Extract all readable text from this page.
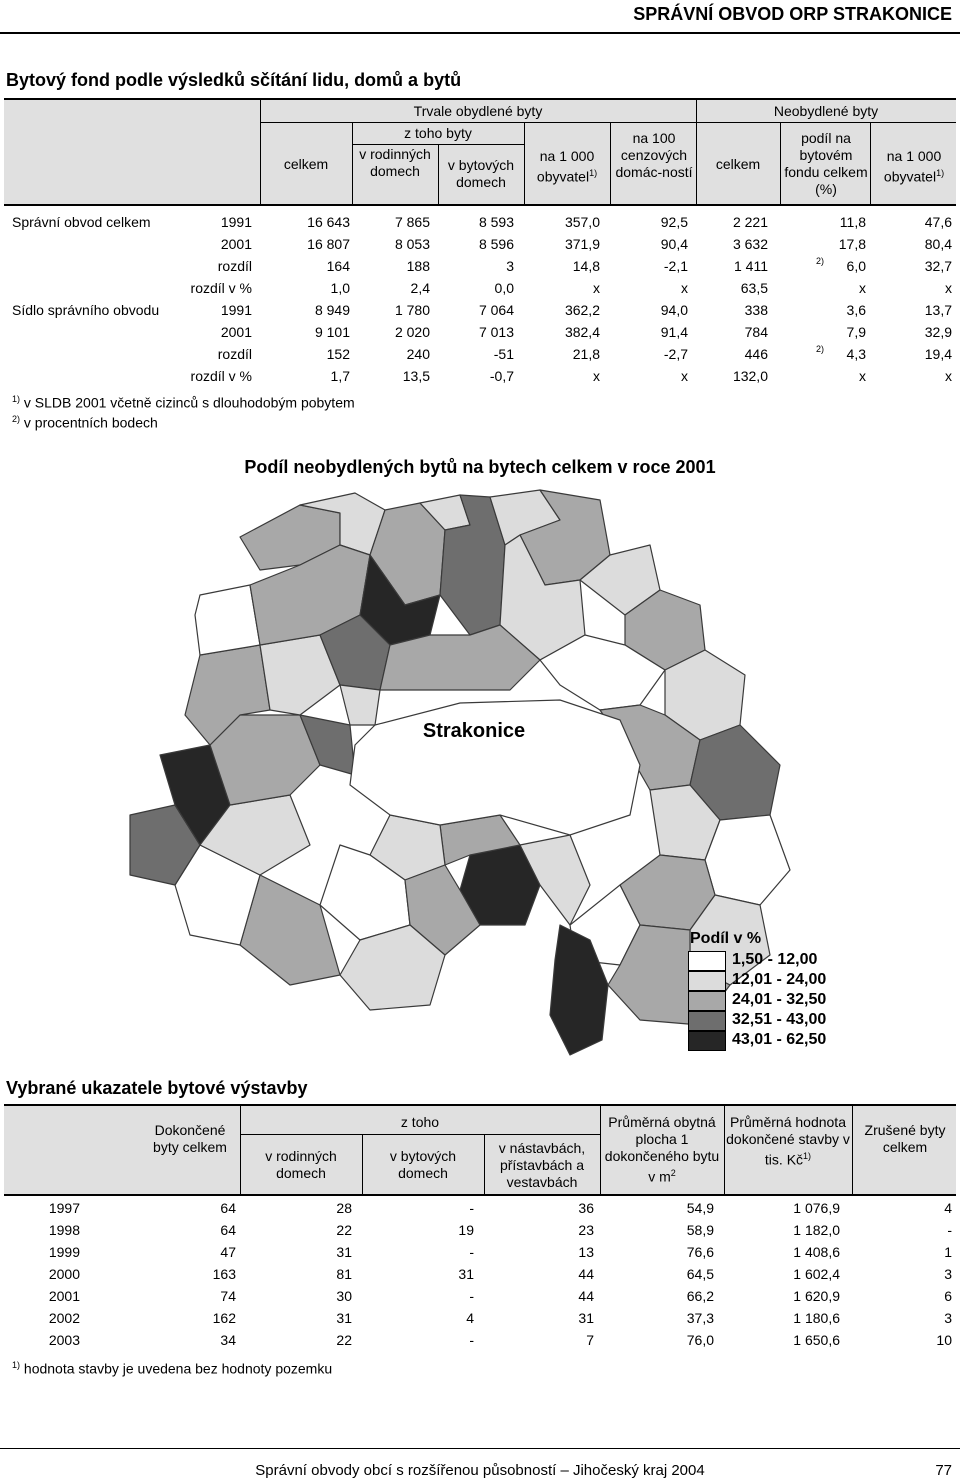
SPRÁVNÍ OBVOD ORP STRAKONICE
Bytový fond podle výsledků sčítání lidu, domů a bytů
Trvale obydlené byty	Neobydlené byty
z toho byty
celkem
v rodinných domech	v bytových domech
na 1 000 obyvatel$^{1)}$
na 100 cenzových domác-ností	celkem
podíl na bytovém fondu celkem (%)
na 1 000 obyvatel$^{1)}$
Správní obvod celkem	1991	16 643	7 865	8 593	357,0	92,5	2 221	11,8	47,6
2001	16 807	8 053	8 596	371,9	90,4	3 632	17,8	80,4
rozdíl	164	188	3	14,8	-2,1	1 411	6,0	32,7
2)
rozdíl v %	1,0	2,4	0,0	x	x	63,5	x	x
Sídlo správního obvodu	1991	8 949	1 780	7 064	362,2	94,0	338	3,6	13,7
2001	9 101	2 020	7 013	382,4	91,4	784	7,9	32,9
rozdíl	152	240	-51	21,8	-2,7	446	4,3	19,4
2)
rozdíl v %	1,7	13,5	-0,7	x	x	132,0	x	x
$^{1)}$ v SLDB 2001 včetně cizinců s dlouhodobým pobytem
$^{2)}$ v procentních bodech
Podíl neobydlených bytů na bytech celkem v roce 2001
Strakonice
Podíl v %
1,50 - 12,00
12,01 - 24,00
24,01 - 32,50
32,51 - 43,00
43,01 - 62,50
Vybrané ukazatele bytové výstavby
Dokončené byty celkem
z toho
v rodinných domech
v bytových domech
v nástavbách, přístavbách a vestavbách
Průměrná obytná plocha 1 dokončeného bytu v $m^2$
Průměrná hodnota dokončené stavby v tis. $Kč^{1)}$
Zrušené byty celkem
1997	64	28	-	36	54,9	1 076,9	4
1998	64	22	19	23	58,9	1 182,0	-
1999	47	31	-	13	76,6	1 408,6	1
2000	163	81	31	44	64,5	1 602,4	3
2001	74	30	-	44	66,2	1 620,9	6
2002	162	31	4	31	37,3	1 180,6	3
2003	34	22	-	7	76,0	1 650,6	10
$^{1)}$ hodnota stavby je uvedena bez hodnoty pozemku
Správní obvody obcí s rozšířenou působností – Jihočeský kraj 2004	77
